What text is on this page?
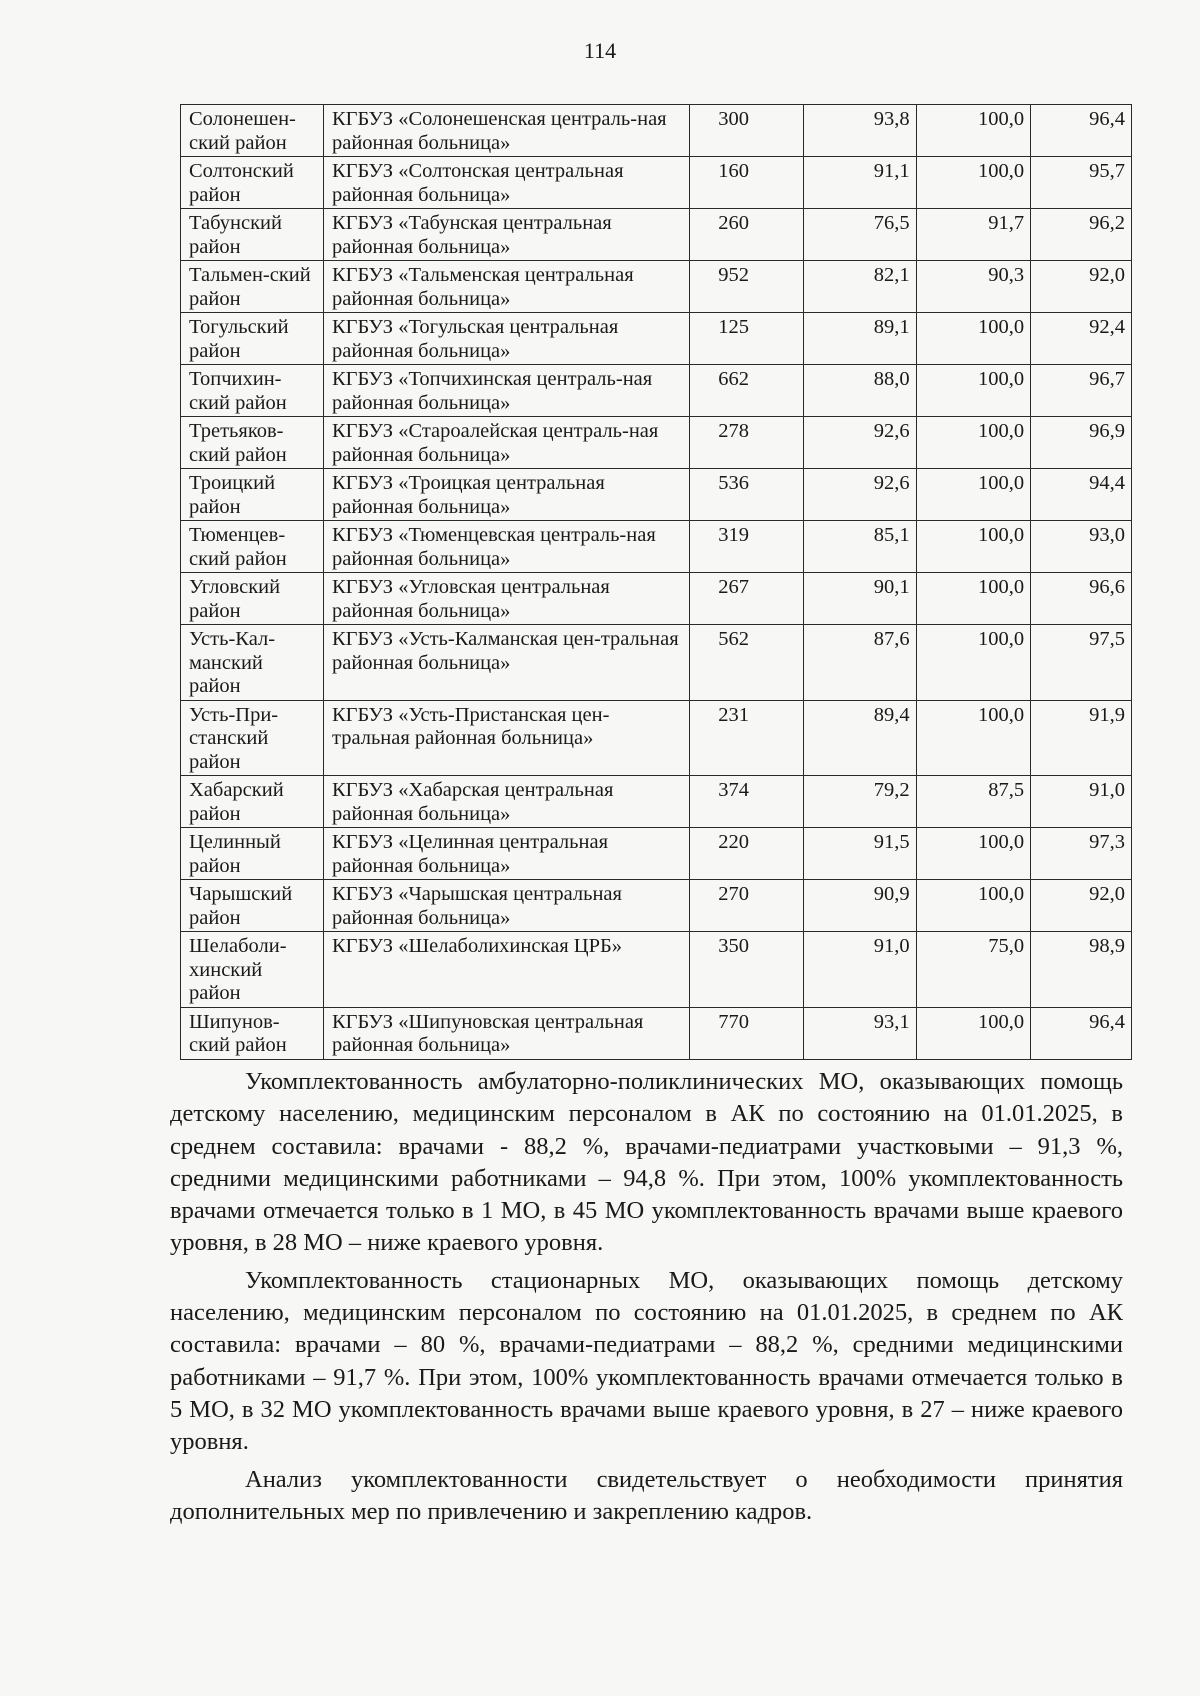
114
Солонешен-ский район	КГБУЗ «Солонешенская централь-ная районная больница»	300	93,8	100,0	96,4
Солтонский район	КГБУЗ «Солтонская центральная районная больница»	160	91,1	100,0	95,7
Табунский район	КГБУЗ «Табунская центральная районная больница»	260	76,5	91,7	96,2
Тальмен-ский район	КГБУЗ «Тальменская центральная районная больница»	952	82,1	90,3	92,0
Тогульский район	КГБУЗ «Тогульская центральная районная больница»	125	89,1	100,0	92,4
Топчихин-ский район	КГБУЗ «Топчихинская централь-ная районная больница»	662	88,0	100,0	96,7
Третьяков-ский район	КГБУЗ «Староалейская централь-ная районная больница»	278	92,6	100,0	96,9
Троицкий район	КГБУЗ «Троицкая центральная районная больница»	536	92,6	100,0	94,4
Тюменцев-ский район	КГБУЗ «Тюменцевская централь-ная районная больница»	319	85,1	100,0	93,0
Угловский район	КГБУЗ «Угловская центральная районная больница»	267	90,1	100,0	96,6
Усть-Кал-манский район	КГБУЗ «Усть-Калманская цен-тральная районная больница»	562	87,6	100,0	97,5
Усть-При-станский район	КГБУЗ «Усть-Пристанская цен-тральная районная больница»	231	89,4	100,0	91,9
Хабарский район	КГБУЗ «Хабарская центральная районная больница»	374	79,2	87,5	91,0
Целинный район	КГБУЗ «Целинная центральная районная больница»	220	91,5	100,0	97,3
Чарышский район	КГБУЗ «Чарышская центральная районная больница»	270	90,9	100,0	92,0
Шелаболи-хинский район	КГБУЗ «Шелаболихинская ЦРБ»	350	91,0	75,0	98,9
Шипунов-ский район	КГБУЗ «Шипуновская центральная районная больница»	770	93,1	100,0	96,4

Укомплектованность амбулаторно-поликлинических МО, оказывающих помощь детскому населению, медицинским персоналом в АК по состоянию на 01.01.2025, в среднем составила: врачами - 88,2 %, врачами-педиатрами участковыми – 91,3 %, средними медицинскими работниками – 94,8 %. При этом, 100% укомплектованность врачами отмечается только в 1 МО, в 45 МО укомплектованность врачами выше краевого уровня, в 28 МО – ниже краевого уровня.

Укомплектованность стационарных МО, оказывающих помощь детскому населению, медицинским персоналом по состоянию на 01.01.2025, в среднем по АК составила: врачами – 80 %, врачами-педиатрами – 88,2 %, средними медицинскими работниками – 91,7 %. При этом, 100% укомплектованность врачами отмечается только в 5 МО, в 32 МО укомплектованность врачами выше краевого уровня, в 27 – ниже краевого уровня.

Анализ укомплектованности свидетельствует о необходимости принятия дополнительных мер по привлечению и закреплению кадров.
